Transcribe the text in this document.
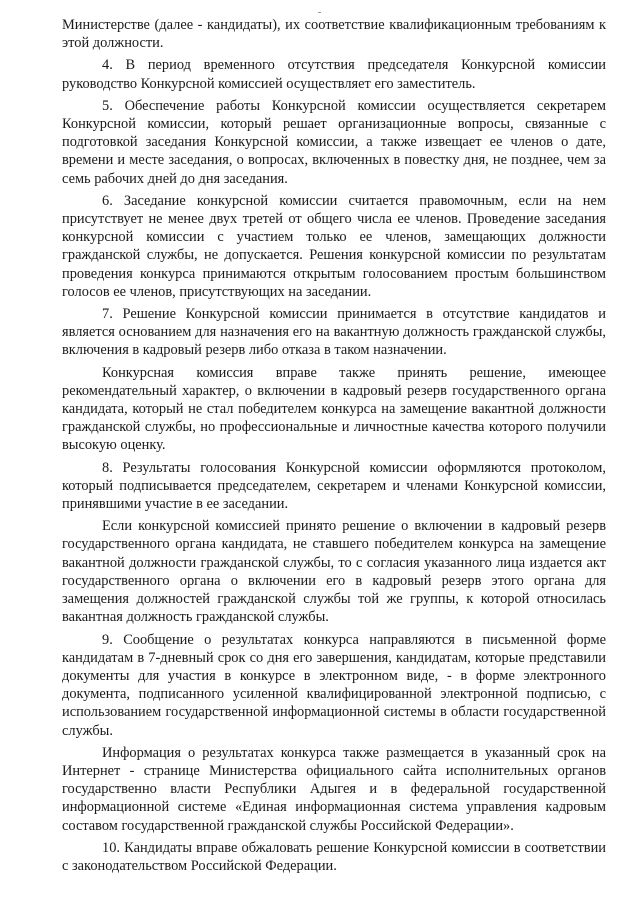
Министерстве (далее - кандидаты), их соответствие квалификационным требованиям к этой должности.

4. В период временного отсутствия председателя Конкурсной комиссии руководство Конкурсной комиссией осуществляет его заместитель.

5. Обеспечение работы Конкурсной комиссии осуществляется секретарем Конкурсной комиссии, который решает организационные вопросы, связанные с подготовкой заседания Конкурсной комиссии, а также извещает ее членов о дате, времени и месте заседания, о вопросах, включенных в повестку дня, не позднее, чем за семь рабочих дней до дня заседания.

6. Заседание конкурсной комиссии считается правомочным, если на нем присутствует не менее двух третей от общего числа ее членов. Проведение заседания конкурсной комиссии с участием только ее членов, замещающих должности гражданской службы, не допускается. Решения конкурсной комиссии по результатам проведения конкурса принимаются открытым голосованием простым большинством голосов ее членов, присутствующих на заседании.

7. Решение Конкурсной комиссии принимается в отсутствие кандидатов и является основанием для назначения его на вакантную должность гражданской службы, включения в кадровый резерв либо отказа в таком назначении.

Конкурсная комиссия вправе также принять решение, имеющее рекомендательный характер, о включении в кадровый резерв государственного органа кандидата, который не стал победителем конкурса на замещение вакантной должности гражданской службы, но профессиональные и личностные качества которого получили высокую оценку.

8. Результаты голосования Конкурсной комиссии оформляются протоколом, который подписывается председателем, секретарем и членами Конкурсной комиссии, принявшими участие в ее заседании.

Если конкурсной комиссией принято решение о включении в кадровый резерв государственного органа кандидата, не ставшего победителем конкурса на замещение вакантной должности гражданской службы, то с согласия указанного лица издается акт государственного органа о включении его в кадровый резерв этого органа для замещения должностей гражданской службы той же группы, к которой относилась вакантная должность гражданской службы.

9. Сообщение о результатах конкурса направляются в письменной форме кандидатам в 7-дневный срок со дня его завершения, кандидатам, которые представили документы для участия в конкурсе в электронном виде, - в форме электронного документа, подписанного усиленной квалифицированной электронной подписью, с использованием государственной информационной системы в области государственной службы.

Информация о результатах конкурса также размещается в указанный срок на Интернет - странице Министерства официального сайта исполнительных органов государственно власти Республики Адыгея и в федеральной государственной информационной системе «Единая информационная система управления кадровым составом государственной гражданской службы Российской Федерации».

10. Кандидаты вправе обжаловать решение Конкурсной комиссии в соответствии с законодательством Российской Федерации.
